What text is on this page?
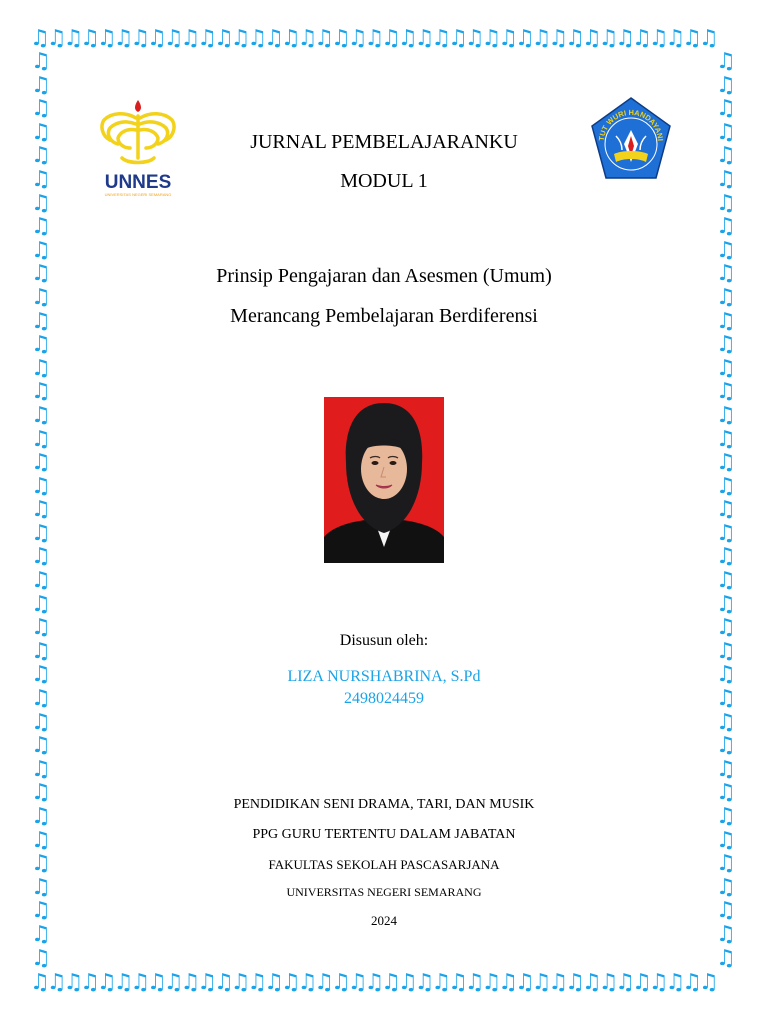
♫♫♫♫♫♫♫♫♫♫♫♫♫♫♫♫♫♫♫♫♫♫♫♫♫♫♫♫♫♫♫♫♫♫♫♫♫♫♫♫♫
♫♫♫♫♫♫♫♫♫♫♫♫♫♫♫♫♫♫♫♫♫♫♫♫♫♫♫♫♫♫♫♫♫♫♫♫♫♫♫♫♫
♫♫♫♫♫♫♫♫♫♫♫♫♫♫♫♫♫♫♫♫♫♫♫♫♫♫♫♫♫♫♫♫♫♫♫♫♫♫♫
♫♫♫♫♫♫♫♫♫♫♫♫♫♫♫♫♫♫♫♫♫♫♫♫♫♫♫♫♫♫♫♫♫♫♫♫♫♫♫
UNNES
UNIVERSITAS NEGERI SEMARANG
TUT WURI HANDAYANI
JURNAL PEMBELAJARANKU
MODUL 1
Prinsip Pengajaran dan Asesmen (Umum)
Merancang Pembelajaran Berdiferensi
Disusun oleh:
LIZA NURSHABRINA, S.Pd
2498024459
PENDIDIKAN SENI DRAMA, TARI, DAN MUSIK
PPG GURU TERTENTU DALAM JABATAN
FAKULTAS SEKOLAH PASCASARJANA
UNIVERSITAS NEGERI SEMARANG
2024
